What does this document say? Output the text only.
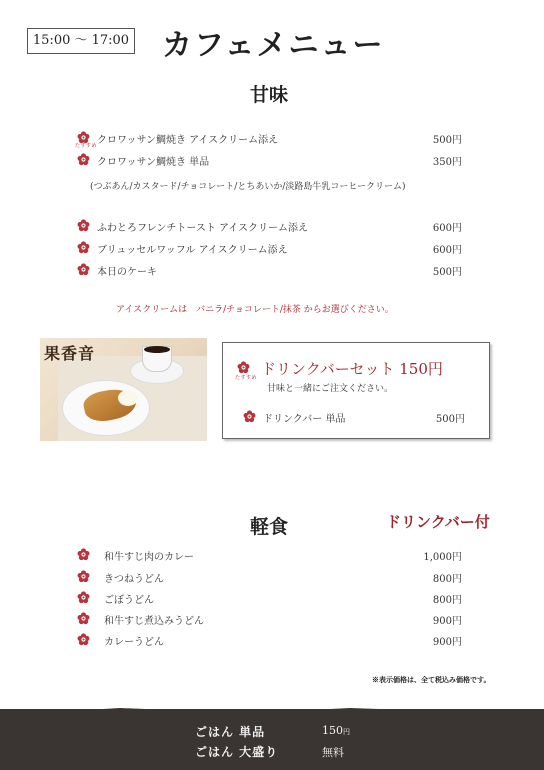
15:00 〜 17:00 カフェメニュー
甘味
たすすめ クロワッサン鯛焼き アイスクリーム添え	500円
クロワッサン鯛焼き 単品	350円
(つぶあん/カスタード/チョコレート/とちあいか/淡路島牛乳コーヒークリーム)
ふわとろフレンチトースト アイスクリーム添え	600円
ブリュッセルワッフル アイスクリーム添え	600円
本日のケーキ	500円
アイスクリームは　バニラ/チョコレート/抹茶 からお選びください。
果香音
たすすめ ドリンクバーセット 150円
甘味と一緒にご注文ください。
ドリンクバー 単品	500円
軽食	ドリンクバー付
和牛すじ肉のカレー	1,000円
きつねうどん	800円
ごぼうどん	800円
和牛すじ煮込みうどん	900円
カレーうどん	900円
※表示価格は、全て税込み価格です。
ごはん 単品	150円
ごはん 大盛り	無料
